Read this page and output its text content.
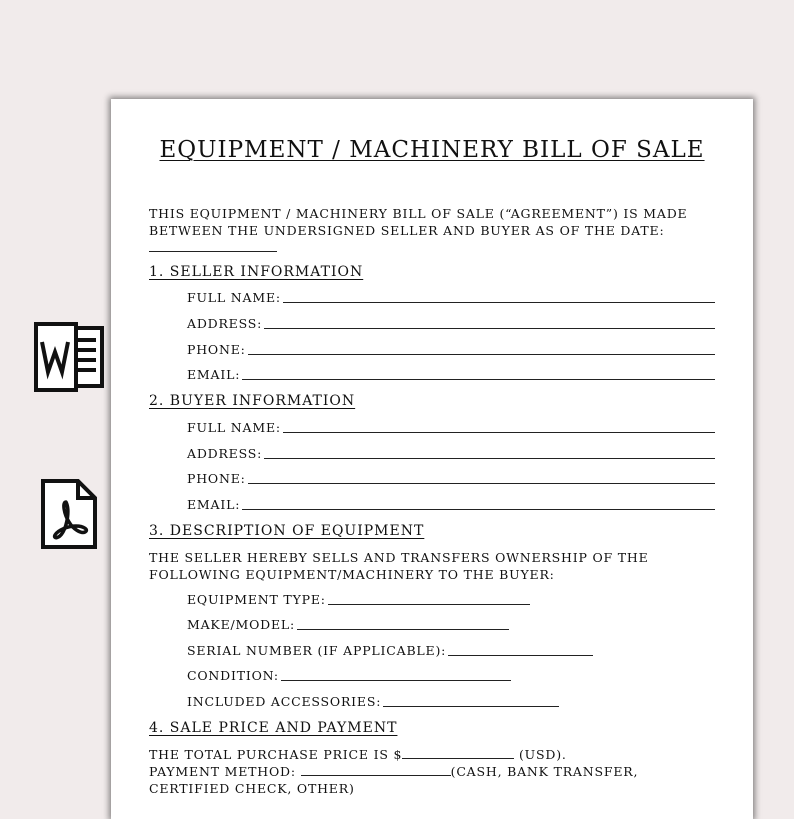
EQUIPMENT / MACHINERY BILL OF SALE

THIS EQUIPMENT / MACHINERY BILL OF SALE (“AGREEMENT”) IS MADE BETWEEN THE UNDERSIGNED SELLER AND BUYER AS OF THE DATE:

1. SELLER INFORMATION
FULL NAME:
ADDRESS:
PHONE:
EMAIL:
2. BUYER INFORMATION
FULL NAME:
ADDRESS:
PHONE:
EMAIL:
3. DESCRIPTION OF EQUIPMENT

THE SELLER HEREBY SELLS AND TRANSFERS OWNERSHIP OF THE FOLLOWING EQUIPMENT/MACHINERY TO THE BUYER:

EQUIPMENT TYPE:
MAKE/MODEL:
SERIAL NUMBER (IF APPLICABLE):
CONDITION:
INCLUDED ACCESSORIES:
4. SALE PRICE AND PAYMENT

THE TOTAL PURCHASE PRICE IS $	(USD).

PAYMENT METHOD:	(CASH, BANK TRANSFER, CERTIFIED CHECK, OTHER)
